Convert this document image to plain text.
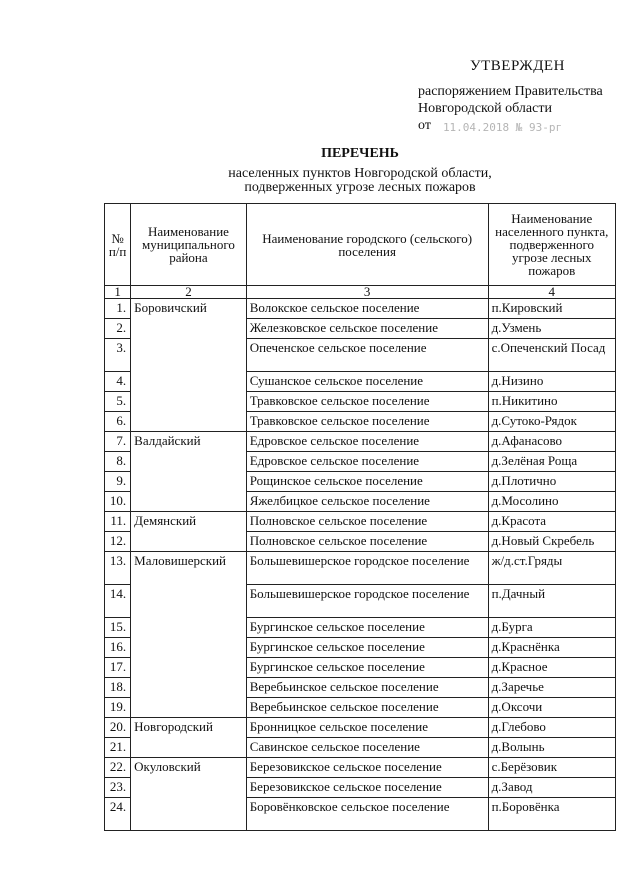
УТВЕРЖДЕН
распоряжением Правительства
Новгородской области
от 11.04.2018 № 93-рг
ПЕРЕЧЕНЬ
населенных пунктов Новгородской области,
подверженных угрозе лесных пожаров
№ п/п	Наименование муниципального района	Наименование городского (сельского) поселения	Наименование населенного пункта, подверженного угрозе лесных пожаров
1	2	3	4
1.	Боровичский	Волокское сельское поселение	п.Кировский
2.		Железковское сельское поселение	д.Узмень
3.		Опеченское сельское поселение	с.Опеченский Посад
4.		Сушанское сельское поселение	д.Низино
5.		Травковское сельское поселение	п.Никитино
6.		Травковское сельское поселение	д.Сутоко-Рядок
7.	Валдайский	Едровское сельское поселение	д.Афанасово
8.		Едровское сельское поселение	д.Зелёная Роща
9.		Рощинское сельское поселение	д.Плотично
10.		Яжелбицкое сельское поселение	д.Мосолино
11.	Демянский	Полновское сельское поселение	д.Красота
12.		Полновское сельское поселение	д.Новый Скребель
13.	Маловишерский	Большевишерское городское поселение	ж/д.ст.Гряды
14.		Большевишерское городское поселение	п.Дачный
15.		Бургинское сельское поселение	д.Бурга
16.		Бургинское сельское поселение	д.Краснёнка
17.		Бургинское сельское поселение	д.Красное
18.		Веребьинское сельское поселение	д.Заречье
19.		Веребьинское сельское поселение	д.Оксочи
20.	Новгородский	Бронницкое сельское поселение	д.Глебово
21.		Савинское сельское поселение	д.Волынь
22.	Окуловский	Березовикское сельское поселение	с.Берёзовик
23.		Березовикское сельское поселение	д.Завод
24.		Боровёнковское сельское поселение	п.Боровёнка
